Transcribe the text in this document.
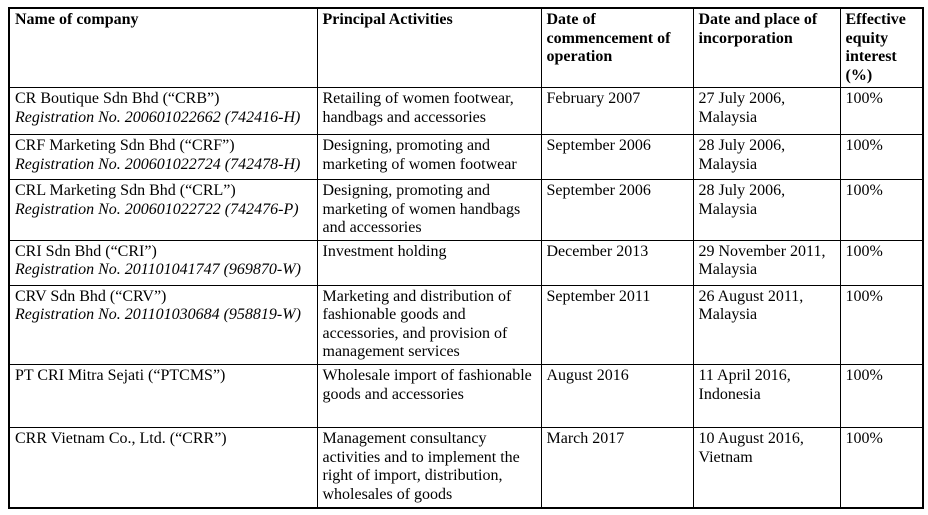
Name of company	Principal Activities	Date of commencement of operation	Date and place of incorporation	Effective equity interest (%)

CR Boutique Sdn Bhd (“CRB”)
Registration No. 200601022662 (742416-H)	Retailing of women footwear, handbags and accessories	February 2007	27 July 2006, Malaysia	100%

CRF Marketing Sdn Bhd (“CRF”)
Registration No. 200601022724 (742478-H)	Designing, promoting and marketing of women footwear	September 2006	28 July 2006, Malaysia	100%

CRL Marketing Sdn Bhd (“CRL”)
Registration No. 200601022722 (742476-P)	Designing, promoting and marketing of women handbags and accessories	September 2006	28 July 2006, Malaysia	100%

CRI Sdn Bhd (“CRI”)
Registration No. 201101041747 (969870-W)	Investment holding	December 2013	29 November 2011, Malaysia	100%

CRV Sdn Bhd (“CRV”)
Registration No. 201101030684 (958819-W)	Marketing and distribution of fashionable goods and accessories, and provision of management services	September 2011	26 August 2011, Malaysia	100%

PT CRI Mitra Sejati (“PTCMS”)	Wholesale import of fashionable goods and accessories	August 2016	11 April 2016, Indonesia	100%

CRR Vietnam Co., Ltd. (“CRR”)	Management consultancy activities and to implement the right of import, distribution, wholesales of goods	March 2017	10 August 2016, Vietnam	100%
